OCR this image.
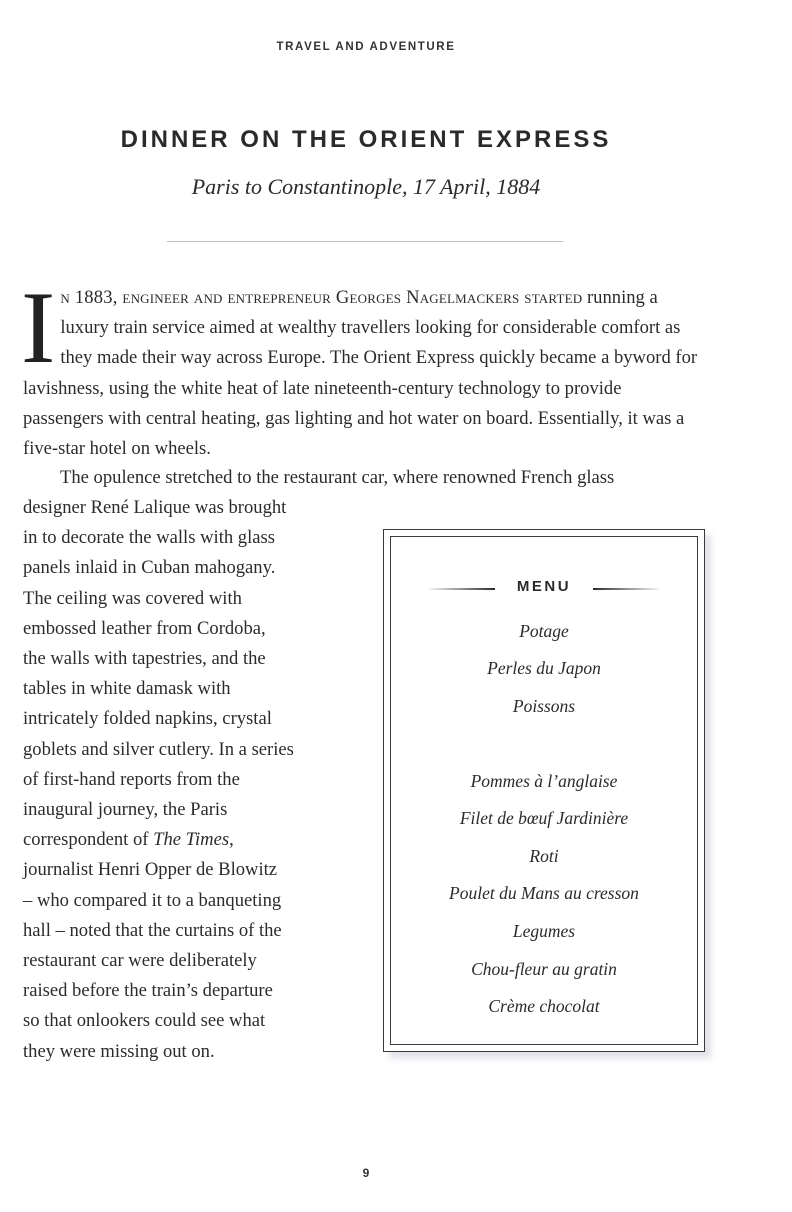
TRAVEL AND ADVENTURE
DINNER ON THE ORIENT EXPRESS
Paris to Constantinople, 17 April, 1884
In 1883, engineer and entrepreneur Georges Nagelmackers started running a luxury train service aimed at wealthy travellers looking for considerable comfort as they made their way across Europe. The Orient Express quickly became a byword for lavishness, using the white heat of late nineteenth-century technology to provide passengers with central heating, gas lighting and hot water on board. Essentially, it was a five-star hotel on wheels.
The opulence stretched to the restaurant car, where renowned French glass
designer René Lalique was brought
in to decorate the walls with glass
panels inlaid in Cuban mahogany.
The ceiling was covered with
embossed leather from Cordoba,
the walls with tapestries, and the
tables in white damask with
intricately folded napkins, crystal
goblets and silver cutlery. In a series
of first-hand reports from the
inaugural journey, the Paris
correspondent of The Times,
journalist Henri Opper de Blowitz
– who compared it to a banqueting
hall – noted that the curtains of the
restaurant car were deliberately
raised before the train’s departure
so that onlookers could see what
they were missing out on.
MENU
Potage
Perles du Japon
Poissons
Pommes à l’anglaise
Filet de bœuf Jardinière
Roti
Poulet du Mans au cresson
Legumes
Chou-fleur au gratin
Crème chocolat
9
